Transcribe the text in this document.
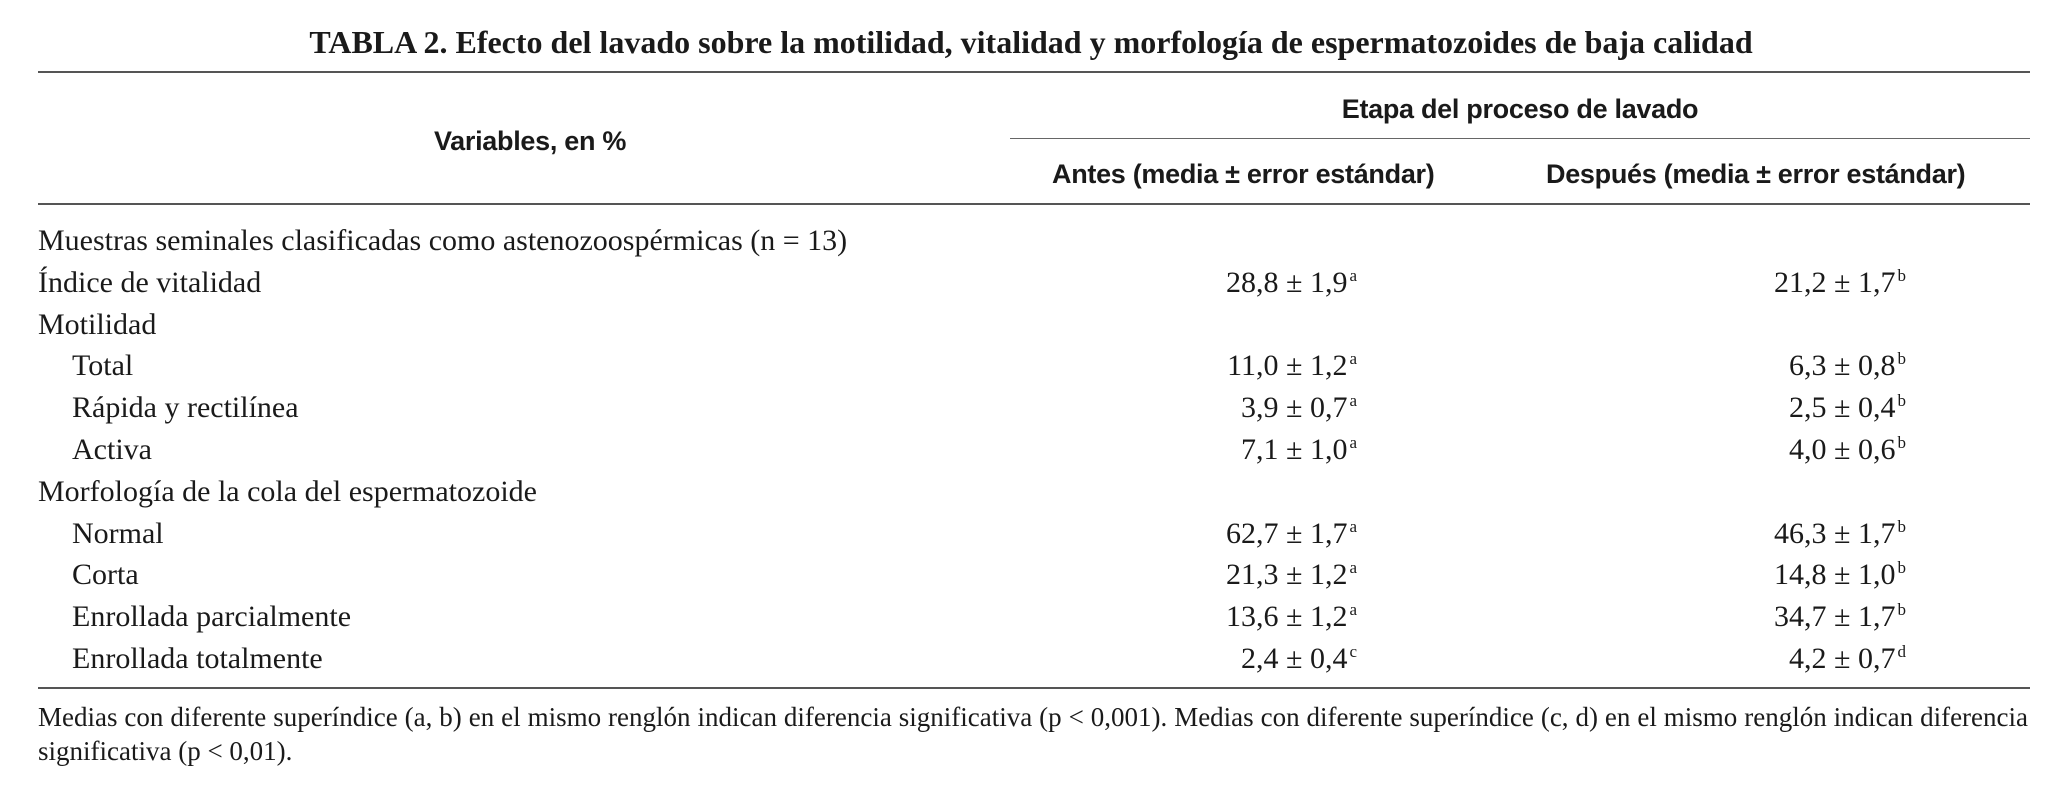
TABLA 2. Efecto del lavado sobre la motilidad, vitalidad y morfología de espermatozoides de baja calidad
Variables, en %
Etapa del proceso de lavado
Antes (media ± error estándar)	Después (media ± error estándar)
Muestras seminales clasificadas como astenozoospérmicas (n = 13)
Índice de vitalidad	28,8 ± 1,9 $^a$	21,2 ± 1,7 $^b$
Motilidad
Total	11,0 ± 1,2 $^a$	6,3 ± 0,8 $^b$
Rápida y rectilínea	3,9 ± 0,7 $^a$	2,5 ± 0,4 $^b$
Activa	7,1 ± 1,0 $^a$	4,0 ± 0,6 $^b$
Morfología de la cola del espermatozoide
Normal	62,7 ± 1,7 $^a$	46,3 ± 1,7 $^b$
Corta	21,3 ± 1,2 $^a$	14,8 ± 1,0 $^b$
Enrollada parcialmente	13,6 ± 1,2 $^a$	34,7 ± 1,7 $^b$
Enrollada totalmente	2,4 ± 0,4 $^c$	4,2 ± 0,7 $^d$
Medias con diferente superíndice (a, b) en el mismo renglón indican diferencia significativa (p < 0,001). Medias con diferente superíndice (c, d) en el mismo renglón indican diferencia significativa (p < 0,01).
